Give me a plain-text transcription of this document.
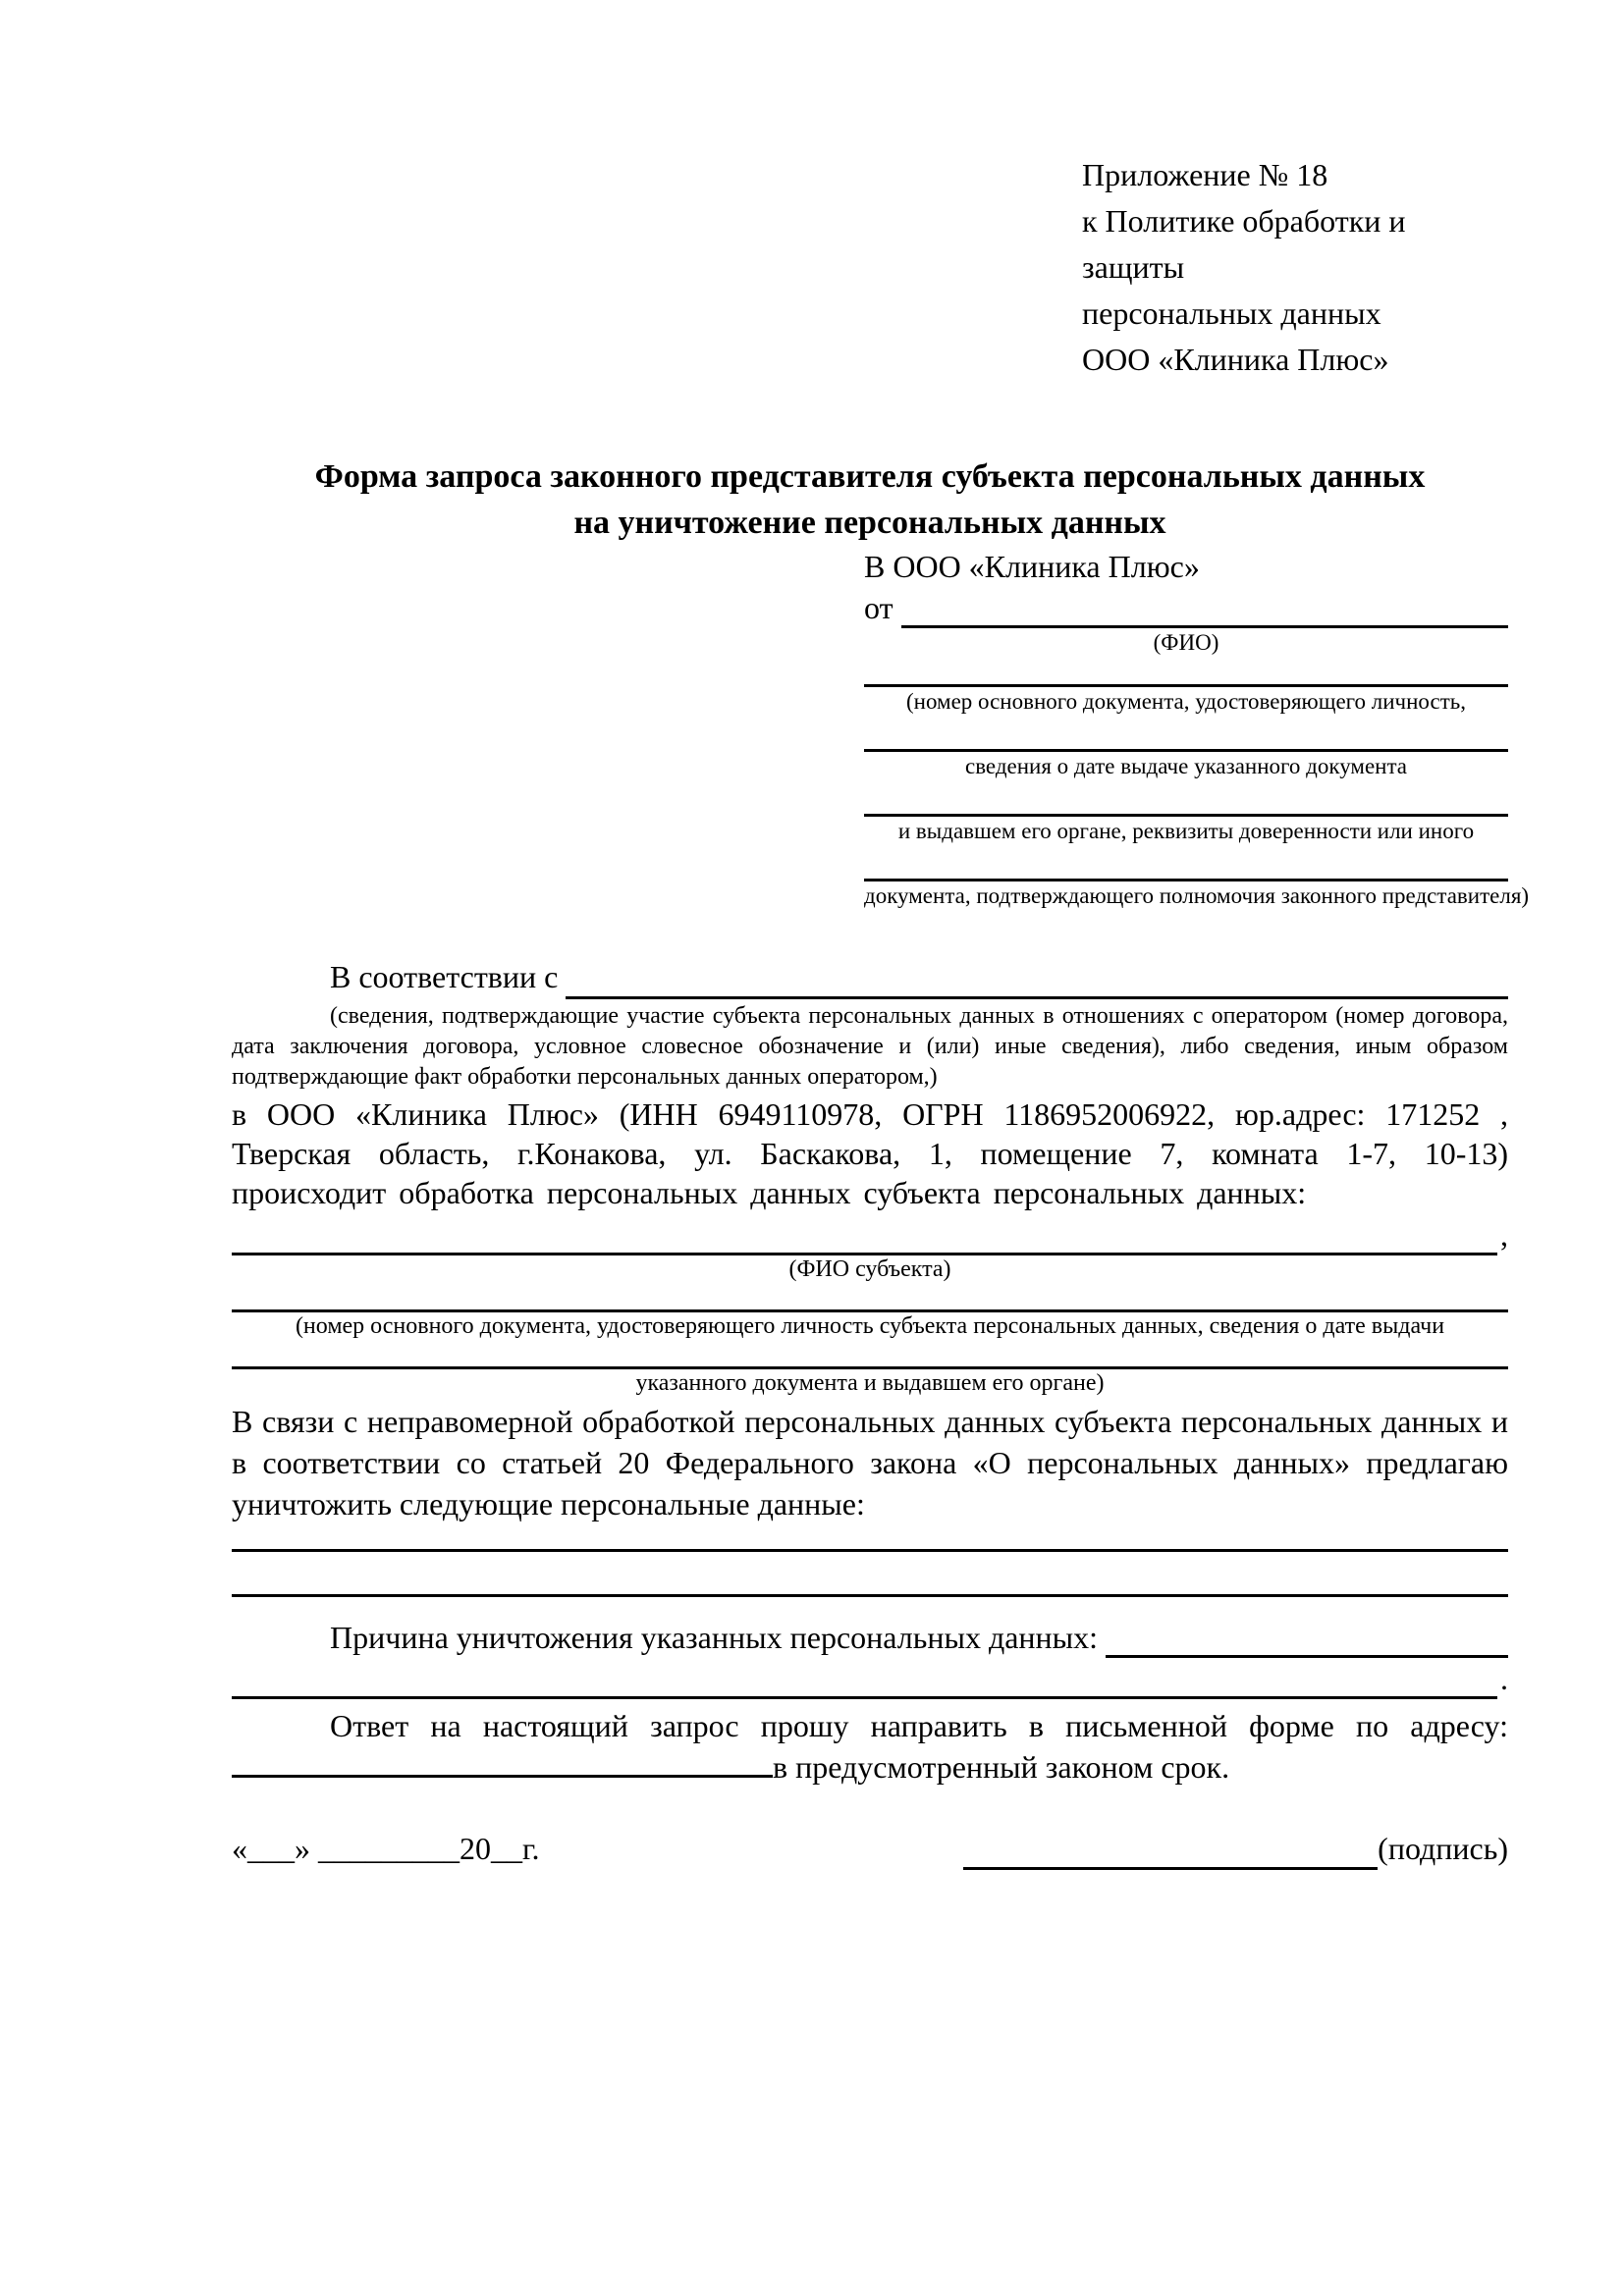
Приложение № 18
к Политике обработки и защиты
персональных данных
ООО «Клиника Плюс»
Форма запроса законного представителя субъекта персональных данных
на уничтожение персональных данных
В ООО «Клиника Плюс»
от
(ФИО)
(номер основного документа, удостоверяющего личность,
сведения о дате выдаче указанного документа
и выдавшем его органе, реквизиты доверенности или иного
документа, подтверждающего полномочия законного представителя)
В соответствии с
(сведения, подтверждающие участие субъекта персональных данных в отношениях с оператором (номер договора, дата заключения договора, условное словесное обозначение и (или) иные сведения), либо сведения, иным образом подтверждающие факт обработки персональных данных оператором,)

в ООО «Клиника Плюс» (ИНН 6949110978, ОГРН 1186952006922, юр.адрес: 171252 , Тверская область, г.Конакова, ул. Баскакова, 1, помещение 7, комната 1-7, 10-13) происходит обработка персональных данных субъекта персональных данных:

,
(ФИО субъекта)
(номер основного документа, удостоверяющего личность субъекта персональных данных, сведения о дате выдачи
указанного документа и выдавшем его органе)

В связи с неправомерной обработкой персональных данных субъекта персональных данных и в соответствии со статьей 20 Федерального закона «О персональных данных» предлагаю уничтожить следующие персональные данные:

Причина уничтожения указанных персональных данных:
.

Ответ на настоящий запрос прошу направить в письменной форме по адресу:

в предусмотренный законом срок.
«___» _________20__г.	(подпись)
